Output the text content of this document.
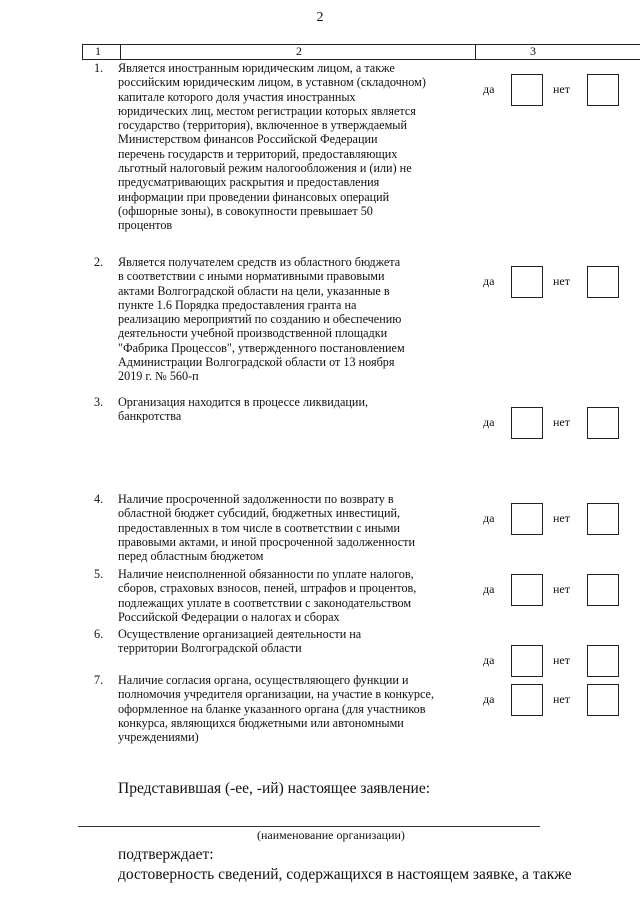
2
1	2	3
1. Является иностранным юридическим лицом, а также
российским юридическим лицом, в уставном (складочном)
капитале которого доля участия иностранных
юридических лиц, местом регистрации которых является
государство (территория), включенное в утверждаемый
Министерством финансов Российской Федерации
перечень государств и территорий, предоставляющих
льготный налоговый режим налогообложения и (или) не
предусматривающих раскрытия и предоставления
информации при проведении финансовых операций
(офшорные зоны), в совокупности превышает 50
процентов
да	нет
2. Является получателем средств из областного бюджета
в соответствии с иными нормативными правовыми
актами Волгоградской области на цели, указанные в
пункте 1.6 Порядка предоставления гранта на
реализацию мероприятий по созданию и обеспечению
деятельности учебной производственной площадки
"Фабрика Процессов", утвержденного постановлением
Администрации Волгоградской области от 13 ноября
2019 г. № 560-п
да	нет
3. Организация находится в процессе ликвидации,
банкротства	да	нет
4. Наличие просроченной задолженности по возврату в
областной бюджет субсидий, бюджетных инвестиций,
предоставленных в том числе в соответствии с иными
правовыми актами, и иной просроченной задолженности
перед областным бюджетом
да	нет
5. Наличие неисполненной обязанности по уплате налогов,
сборов, страховых взносов, пеней, штрафов и процентов,
подлежащих уплате в соответствии с законодательством
Российской Федерации о налогах и сборах
да	нет
6. Осуществление организацией деятельности на
территории Волгоградской области
да	нет
7. Наличие согласия органа, осуществляющего функции и
полномочия учредителя организации, на участие в конкурсе,
оформленное на бланке указанного органа (для участников
конкурса, являющихся бюджетными или автономными
учреждениями)
да	нет
Представившая (-ее, -ий) настоящее заявление:
(наименование организации)
подтверждает:
достоверность сведений, содержащихся в настоящем заявке, а также
